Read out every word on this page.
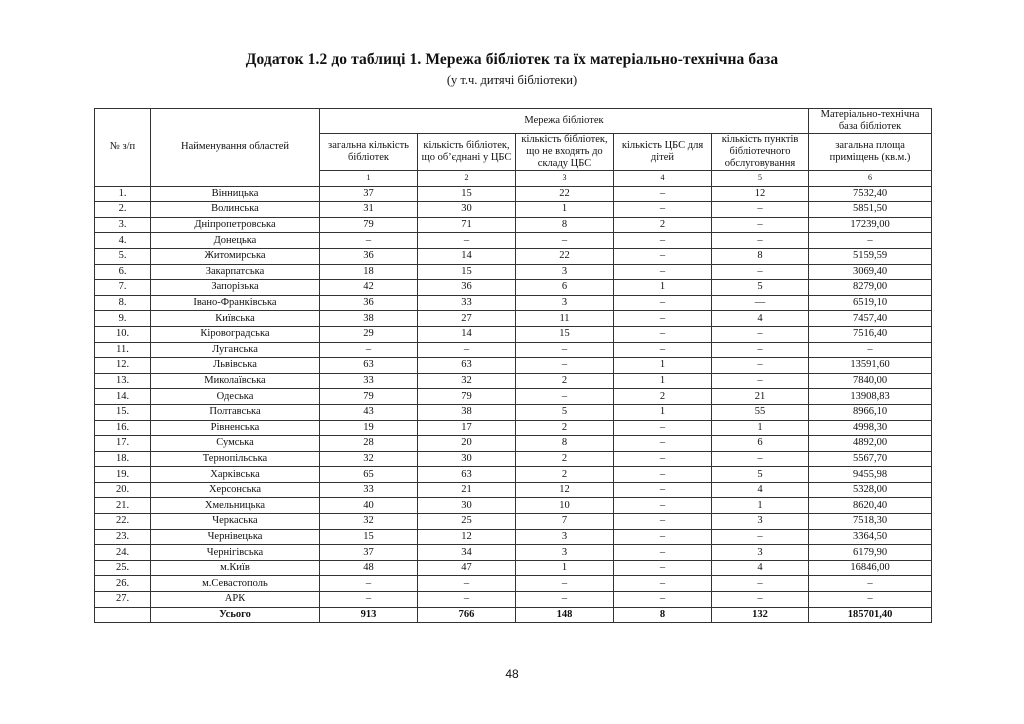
Додаток 1.2 до таблиці 1. Мережа бібліотек та їх матеріально-технічна база
(у т.ч. дитячі бібліотеки)
№ з/п	Найменування областей	Мережа бібліотек					Матеріально-технічна база бібліотек
		загальна кількість бібліотек	кількість бібліотек, що об’єднані у ЦБС	кількість бібліотек, що не входять до складу ЦБС	кількість ЦБС для дітей	кількість пунктів бібліотечного обслуговування	загальна площа приміщень (кв.м.)
		1	2	3	4	5	6
1.	Вінницька	37	15	22	–	12	7532,40
2.	Волинська	31	30	1	–	–	5851,50
3.	Дніпропетровська	79	71	8	2	–	17239,00
4.	Донецька	–	–	–	–	–	–
5.	Житомирська	36	14	22	–	8	5159,59
6.	Закарпатська	18	15	3	–	–	3069,40
7.	Запорізька	42	36	6	1	5	8279,00
8.	Івано-Франківська	36	33	3	–	—	6519,10
9.	Київська	38	27	11	–	4	7457,40
10.	Кіровоградська	29	14	15	–	–	7516,40
11.	Луганська	–	–	–	–	–	–
12.	Львівська	63	63	–	1	–	13591,60
13.	Миколаївська	33	32	2	1	–	7840,00
14.	Одеська	79	79	–	2	21	13908,83
15.	Полтавська	43	38	5	1	55	8966,10
16.	Рівненська	19	17	2	–	1	4998,30
17.	Сумська	28	20	8	–	6	4892,00
18.	Тернопільська	32	30	2	–	–	5567,70
19.	Харківська	65	63	2	–	5	9455,98
20.	Херсонська	33	21	12	–	4	5328,00
21.	Хмельницька	40	30	10	–	1	8620,40
22.	Черкаська	32	25	7	–	3	7518,30
23.	Чернівецька	15	12	3	–	–	3364,50
24.	Чернігівська	37	34	3	–	3	6179,90
25.	м.Київ	48	47	1	–	4	16846,00
26.	м.Севастополь	–	–	–	–	–	–
27.	АРК	–	–	–	–	–	–
	Усього	913	766	148	8	132	185701,40
48
